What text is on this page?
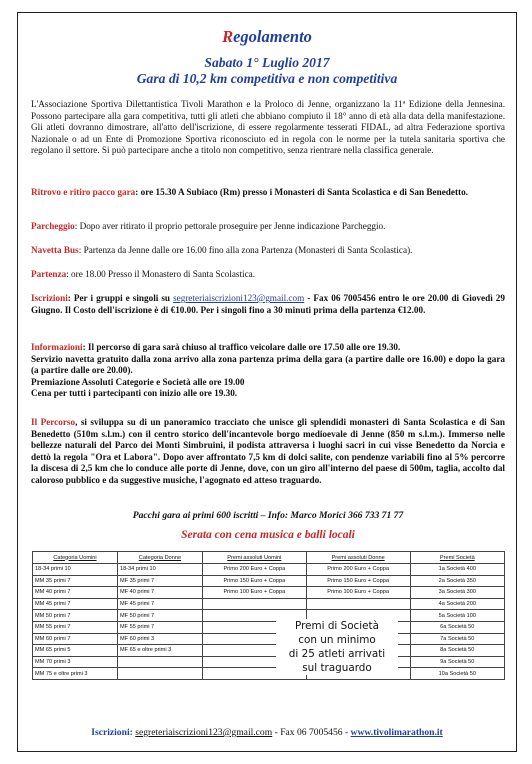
Regolamento
Sabato 1° Luglio 2017
Gara di 10,2 km competitiva e non competitiva
L'Associazione Sportiva Dilettantistica Tivoli Marathon e la Proloco di Jenne, organizzano la 11ª Edizione della Jennesina. Possono partecipare alla gara competitiva, tutti gli atleti che abbiano compiuto il 18° anno di età alla data della manifestazione. Gli atleti dovranno dimostrare, all'atto dell'iscrizione, di essere regolarmente tesserati FIDAL, ad altra Federazione sportiva Nazionale o ad un Ente di Promozione Sportiva riconosciuto ed in regola con le norme per la tutela sanitaria sportiva che regolano il settore. Si può partecipare anche a titolo non competitivo, senza rientrare nella classifica generale.
Ritrovo e ritiro pacco gara: ore 15.30 A Subiaco (Rm) presso i Monasteri di Santa Scolastica e di San Benedetto.
Parcheggio: Dopo aver ritirato il proprio pettorale proseguire per Jenne indicazione Parcheggio.
Navetta Bus: Partenza da Jenne dalle ore 16.00 fino alla zona Partenza (Monasteri di Santa Scolastica).
Partenza: ore 18.00 Presso il Monastero di Santa Scolastica.
Iscrizioni: Per i gruppi e singoli su segreteriaiscrizioni123@gmail.com - Fax 06 7005456 entro le ore 20.00 di Giovedì 29 Giugno. Il Costo dell'iscrizione è di €10.00. Per i singoli fino a 30 minuti prima della partenza €12.00.
Informazioni: Il percorso di gara sarà chiuso al traffico veicolare dalle ore 17.50 alle ore 19.30.
Servizio navetta gratuito dalla zona arrivo alla zona partenza prima della gara (a partire dalle ore 16.00) e dopo la gara (a partire dalle ore 20.00).
Premiazione Assoluti Categorie e Società alle ore 19.00
Cena per tutti i partecipanti con inizio alle ore 19.30.
Il Percorso, si sviluppa su di un panoramico tracciato che unisce gli splendidi monasteri di Santa Scolastica e di San Benedetto (510m s.l.m.) con il centro storico dell'incantevole borgo medioevale di Jenne (850 m s.l.m.). Immerso nelle bellezze naturali del Parco dei Monti Simbruini, il podista attraversa i luoghi sacri in cui visse Benedetto da Norcia e dettò la regola "Ora et Labora". Dopo aver affrontato 7,5 km di dolci salite, con pendenze variabili fino al 5% percorre la discesa di 2,5 km che lo conduce alle porte di Jenne, dove, con un giro all'interno del paese di 500m, taglia, accolto dal caloroso pubblico e da suggestive musiche, l'agognato ed atteso traguardo.
Pacchi gara ai primi 600 iscritti – Info: Marco Morici 366 733 71 77
Serata con cena musica e balli locali
Categoria Uomini	Categoria Donne	Premi assoluti Uomini	Premi assoluti Donne	Premi Società
18-34 primi 10	18-34 primi 10	Primo 200 Euro + Coppa	Primo 200 Euro + Coppa	1a Società 400
MM 35 primi 7	MF 35 primi 7	Primo 150 Euro + Coppa	Primo 150 Euro + Coppa	2a Società 350
MM 40 primi 7	MF 40 primi 7	Primo 100 Euro + Coppa	Primo 100 Euro + Coppa	3a Società 300
MM 45 primi 7	MF 45 primi 7			4a Società 200
MM 50 primi 7	MF 50 primi 7			5a Società 100
MM 55 primi 7	MF 55 primi 7			6a Società 50
MM 60 primi 7	MF 60 primi 3			7a Società 50
MM 65 primi 5	MF 65 e oltre primi 3			8a Società 50
MM 70 primi 3				9a Società 50
MM 75 e oltre primi 3				10a Società 50
Premi di Società
con un minimo
di 25 atleti arrivati
sul traguardo
Iscrizioni: segreteriaiscrizioni123@gmail.com - Fax 06 7005456 - www.tivolimarathon.it
